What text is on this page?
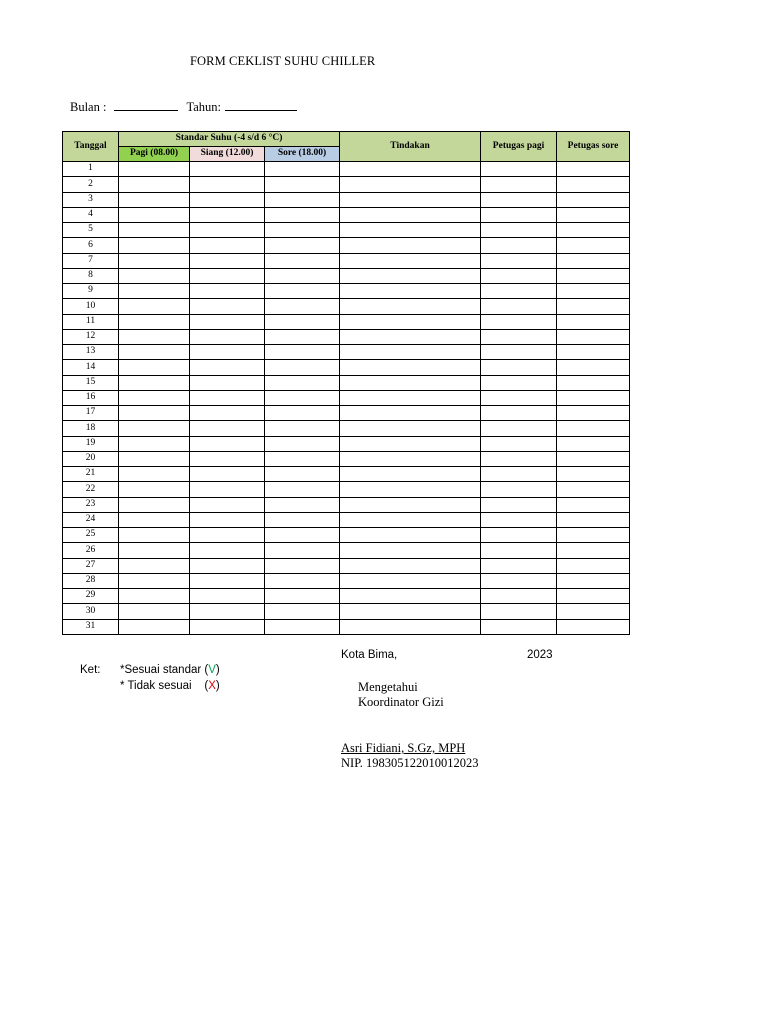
FORM CEKLIST SUHU CHILLER
Bulan :	Tahun:
Tanggal	Standar Suhu (-4 s/d 6 °C)			Tindakan	Petugas pagi	Petugas sore
	Pagi (08.00)	Siang (12.00)	Sore (18.00)			
1						
2						
3						
4						
5						
6						
7						
8						
9						
10						
11						
12						
13						
14						
15						
16						
17						
18						
19						
20						
21						
22						
23						
24						
25						
26						
27						
28						
29						
30						
31						
Ket: *Sesuai standar (V)
* Tidak sesuai    (X)
Kota Bima,	2023
Mengetahui
Koordinator Gizi
Asri Fidiani, S.Gz, MPH
NIP. 198305122010012023
